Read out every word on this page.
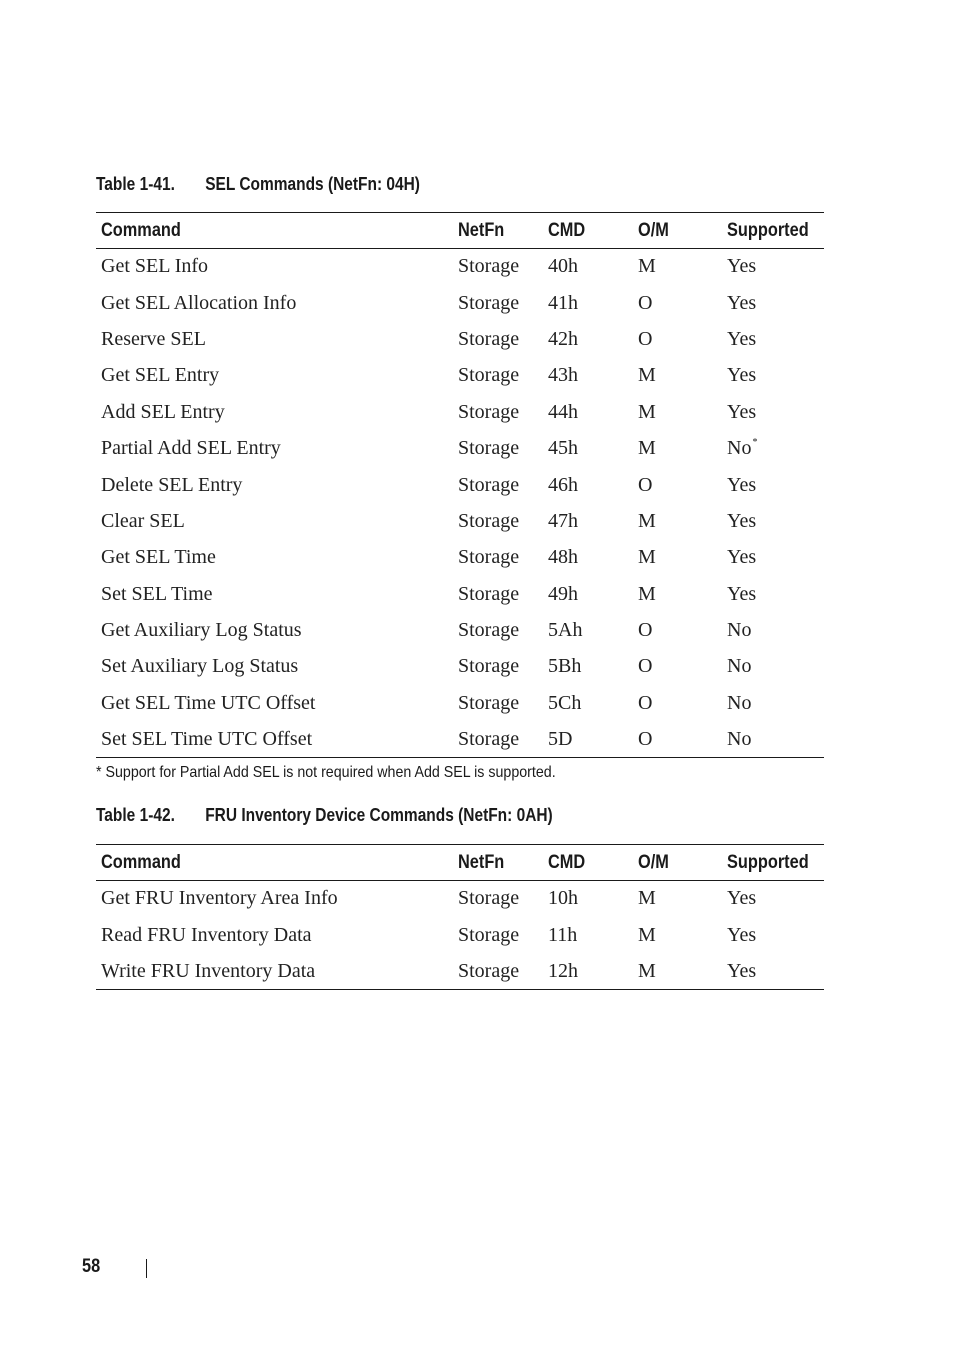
Table 1-41. SEL Commands (NetFn: 04H)
Command	NetFn	CMD	O/M	Supported
Get SEL Info	Storage	40h	M	Yes
Get SEL Allocation Info	Storage	41h	O	Yes
Reserve SEL	Storage	42h	O	Yes
Get SEL Entry	Storage	43h	M	Yes
Add SEL Entry	Storage	44h	M	Yes
Partial Add SEL Entry	Storage	45h	M	No*
Delete SEL Entry	Storage	46h	O	Yes
Clear SEL	Storage	47h	M	Yes
Get SEL Time	Storage	48h	M	Yes
Set SEL Time	Storage	49h	M	Yes
Get Auxiliary Log Status	Storage	5Ah	O	No
Set Auxiliary Log Status	Storage	5Bh	O	No
Get SEL Time UTC Offset	Storage	5Ch	O	No
Set SEL Time UTC Offset	Storage	5D	O	No
* Support for Partial Add SEL is not required when Add SEL is supported.
Table 1-42. FRU Inventory Device Commands (NetFn: 0AH)
Command	NetFn	CMD	O/M	Supported
Get FRU Inventory Area Info	Storage	10h	M	Yes
Read FRU Inventory Data	Storage	11h	M	Yes
Write FRU Inventory Data	Storage	12h	M	Yes
58
